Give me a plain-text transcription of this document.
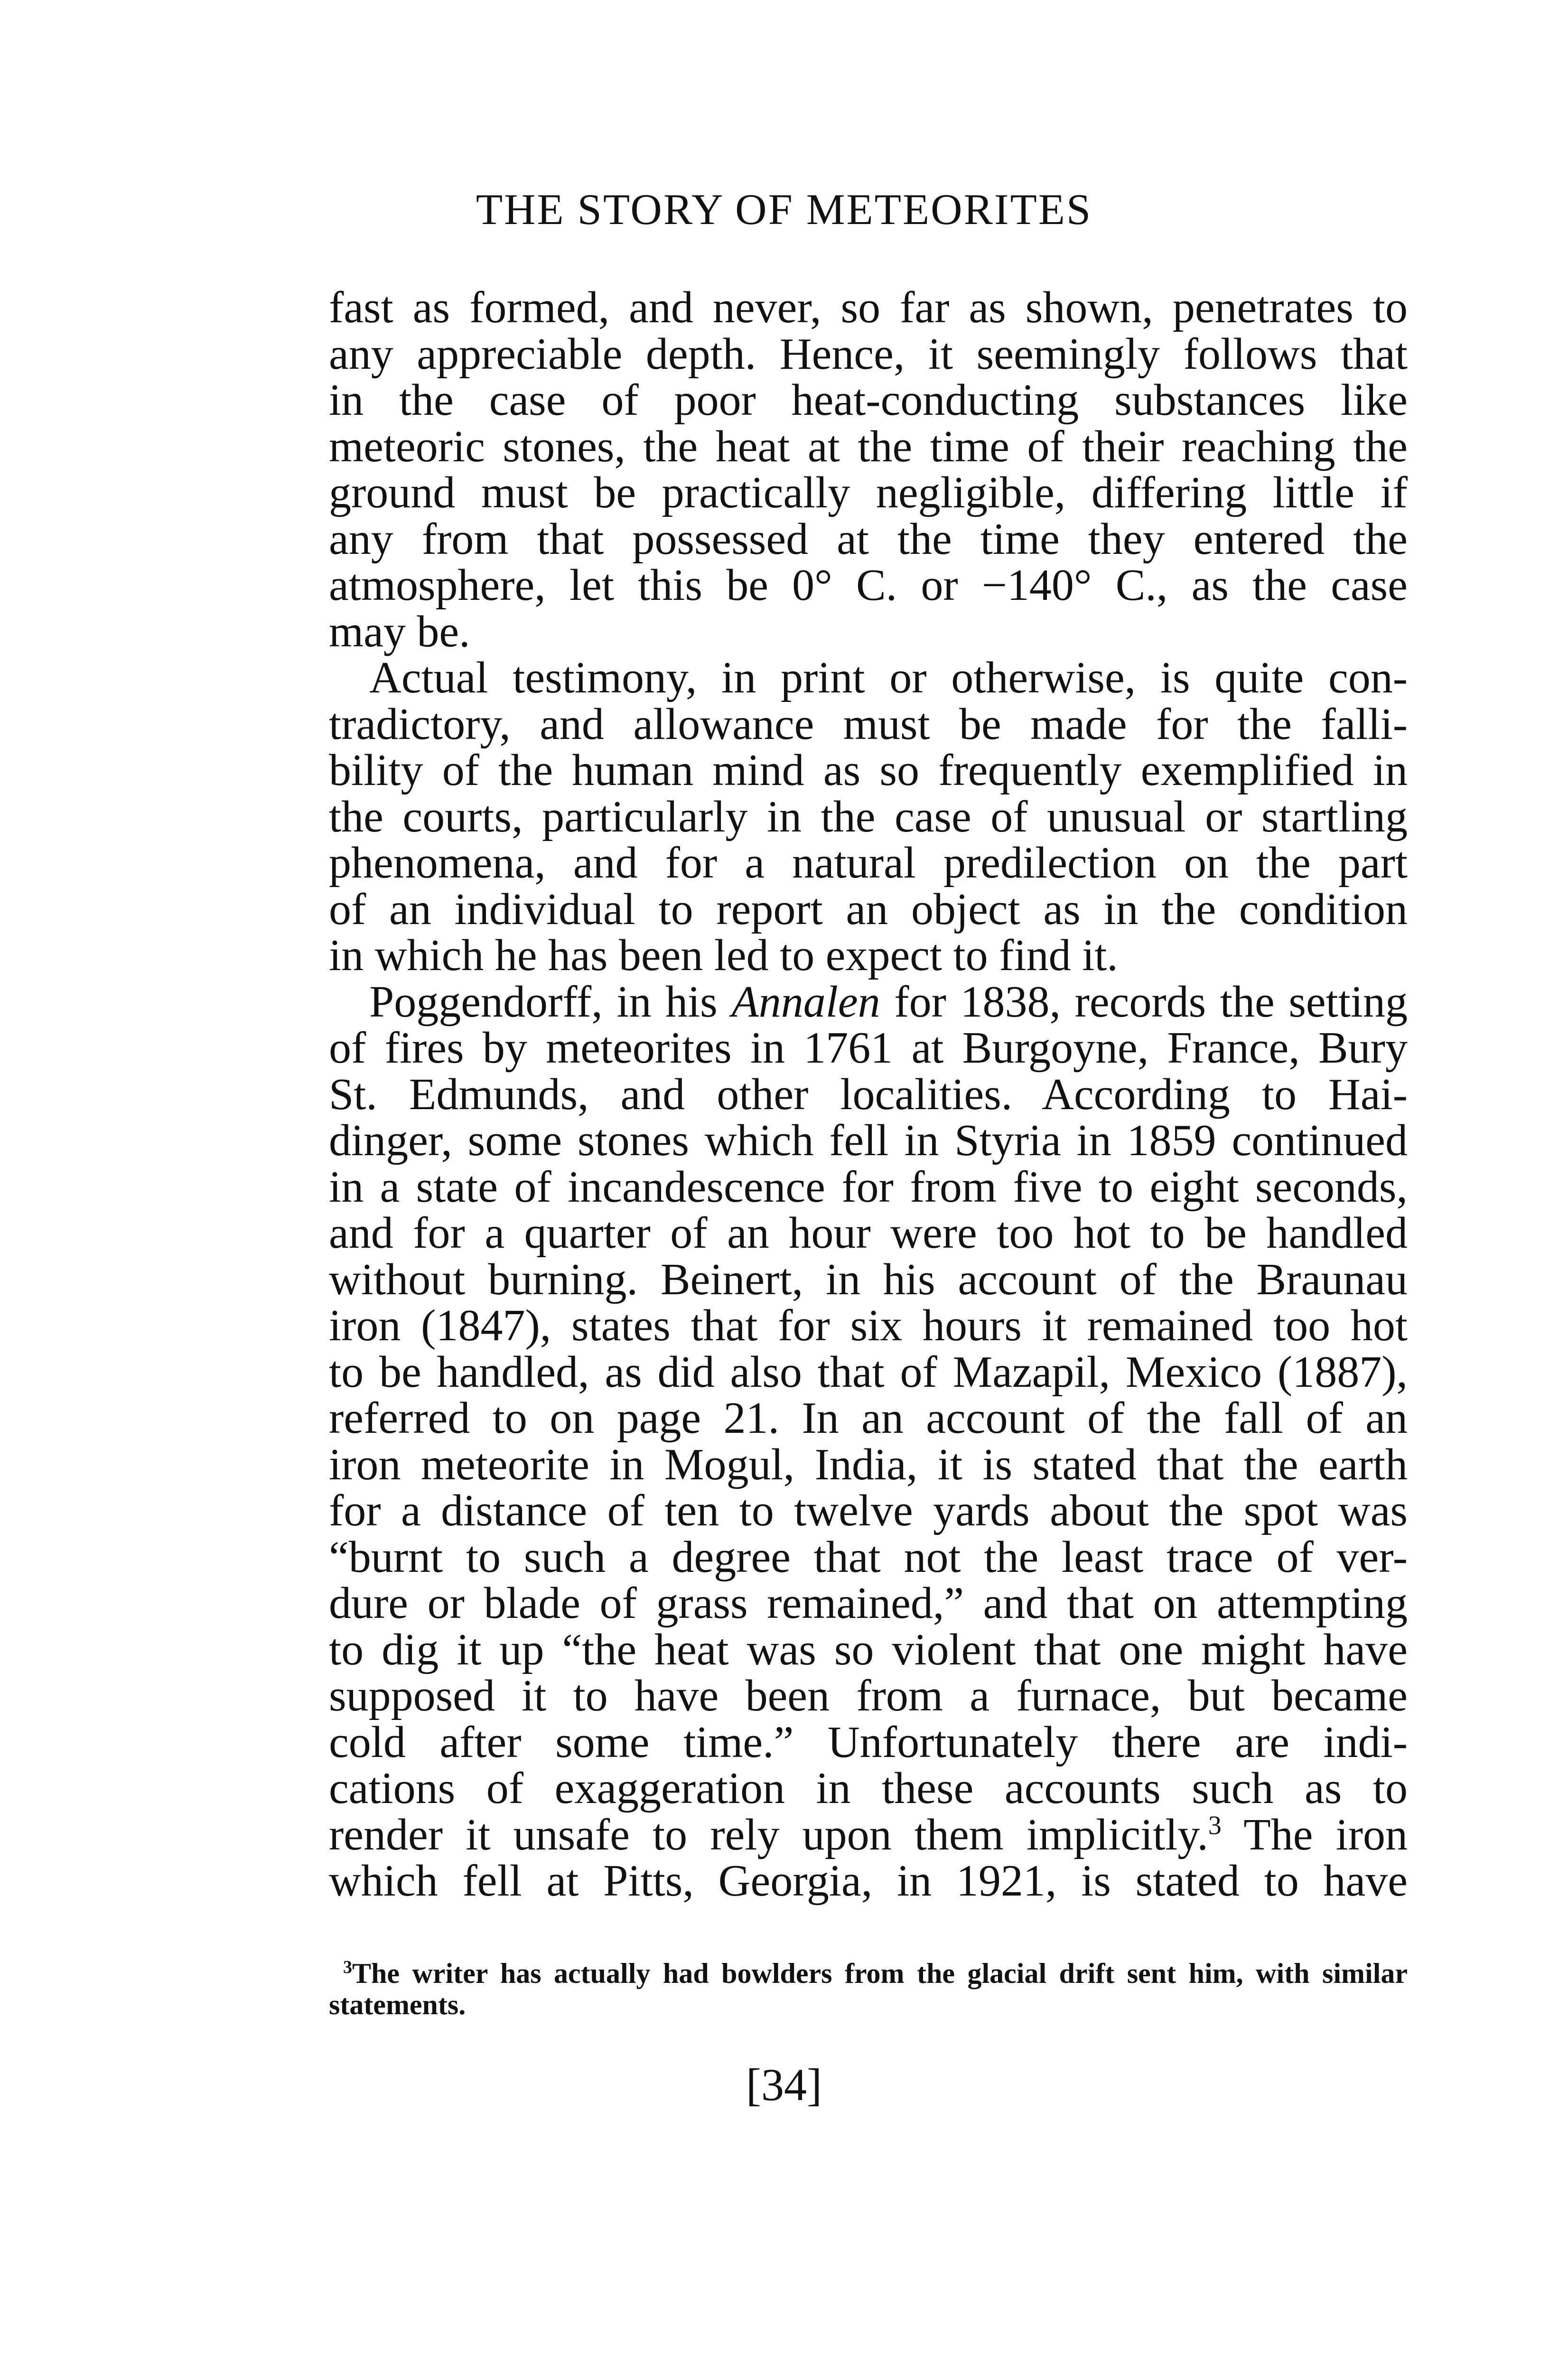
THE STORY OF METEORITES
fast as formed, and never, so far as shown, penetrates to
any appreciable depth. Hence, it seemingly follows that
in the case of poor heat-conducting substances like
meteoric stones, the heat at the time of their reaching the
ground must be practically negligible, differing little if
any from that possessed at the time they entered the
atmosphere, let this be 0° C. or −140° C., as the case
may be.
Actual testimony, in print or otherwise, is quite con-
tradictory, and allowance must be made for the falli-
bility of the human mind as so frequently exemplified in
the courts, particularly in the case of unusual or startling
phenomena, and for a natural predilection on the part
of an individual to report an object as in the condition
in which he has been led to expect to find it.
Poggendorff, in his Annalen for 1838, records the setting
of fires by meteorites in 1761 at Burgoyne, France, Bury
St. Edmunds, and other localities. According to Hai-
dinger, some stones which fell in Styria in 1859 continued
in a state of incandescence for from five to eight seconds,
and for a quarter of an hour were too hot to be handled
without burning. Beinert, in his account of the Braunau
iron (1847), states that for six hours it remained too hot
to be handled, as did also that of Mazapil, Mexico (1887),
referred to on page 21. In an account of the fall of an
iron meteorite in Mogul, India, it is stated that the earth
for a distance of ten to twelve yards about the spot was
“burnt to such a degree that not the least trace of ver-
dure or blade of grass remained,” and that on attempting
to dig it up “the heat was so violent that one might have
supposed it to have been from a furnace, but became
cold after some time.” Unfortunately there are indi-
cations of exaggeration in these accounts such as to
render it unsafe to rely upon them implicitly.$^3$ The iron
which fell at Pitts, Georgia, in 1921, is stated to have
$^3$The writer has actually had bowlders from the glacial drift sent him, with similar
statements.
[34]
